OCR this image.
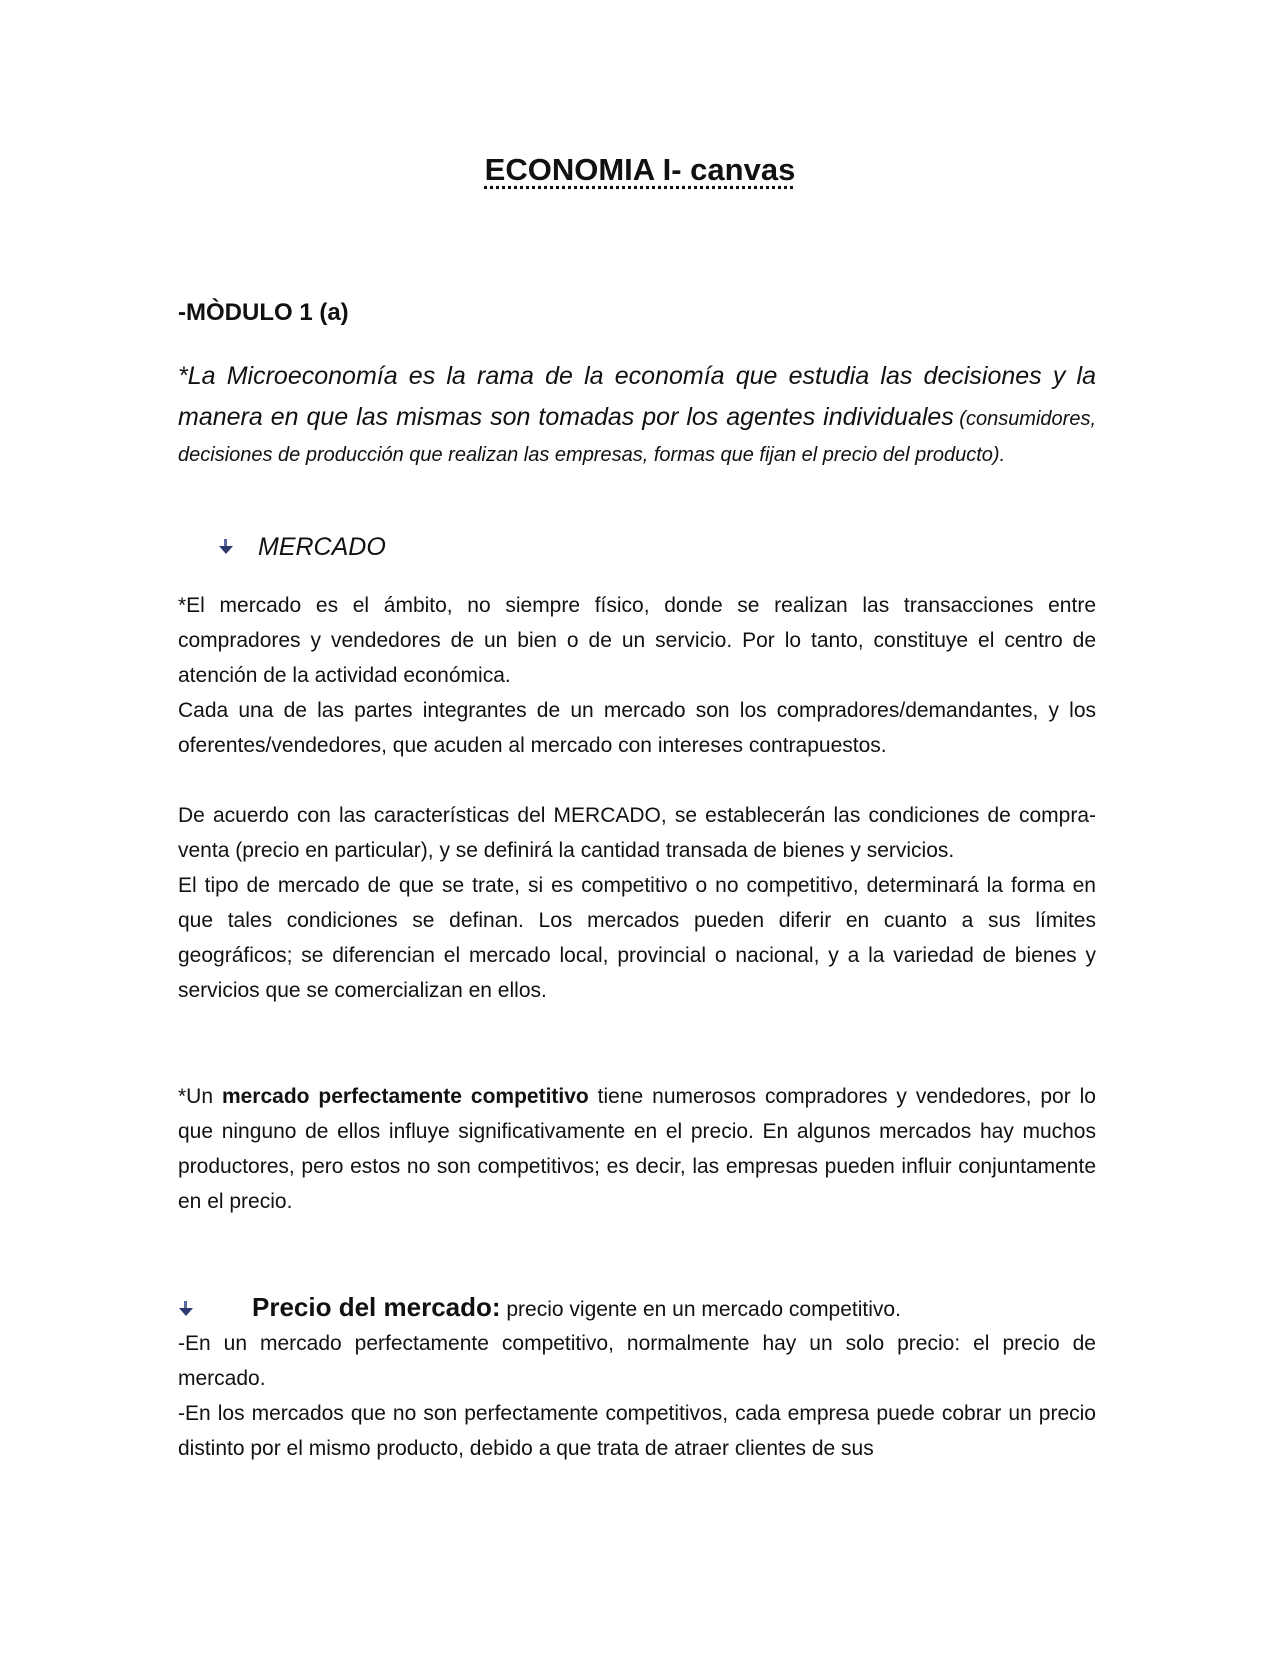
ECONOMIA I- canvas
-MÒDULO 1 (a)
*La Microeconomía es la rama de la economía que estudia las decisiones y la manera en que las mismas son tomadas por los agentes individuales (consumidores, decisiones de producción que realizan las empresas, formas que fijan el precio del producto).
MERCADO

*El mercado es el ámbito, no siempre físico, donde se realizan las transacciones entre compradores y vendedores de un bien o de un servicio. Por lo tanto, constituye el centro de atención de la actividad económica.

Cada una de las partes integrantes de un mercado son los compradores/demandantes, y los oferentes/vendedores, que acuden al mercado con intereses contrapuestos.

De acuerdo con las características del MERCADO, se establecerán las condiciones de compra-venta (precio en particular), y se definirá la cantidad transada de bienes y servicios.

El tipo de mercado de que se trate, si es competitivo o no competitivo, determinará la forma en que tales condiciones se definan. Los mercados pueden diferir en cuanto a sus límites geográficos; se diferencian el mercado local, provincial o nacional, y a la variedad de bienes y servicios que se comercializan en ellos.

*Un mercado perfectamente competitivo tiene numerosos compradores y vendedores, por lo que ninguno de ellos influye significativamente en el precio. En algunos mercados hay muchos productores, pero estos no son competitivos; es decir, las empresas pueden influir conjuntamente en el precio.

Precio del mercado: precio vigente en un mercado competitivo.

-En un mercado perfectamente competitivo, normalmente hay un solo precio: el precio de mercado.

-En los mercados que no son perfectamente competitivos, cada empresa puede cobrar un precio distinto por el mismo producto, debido a que trata de atraer clientes de sus
